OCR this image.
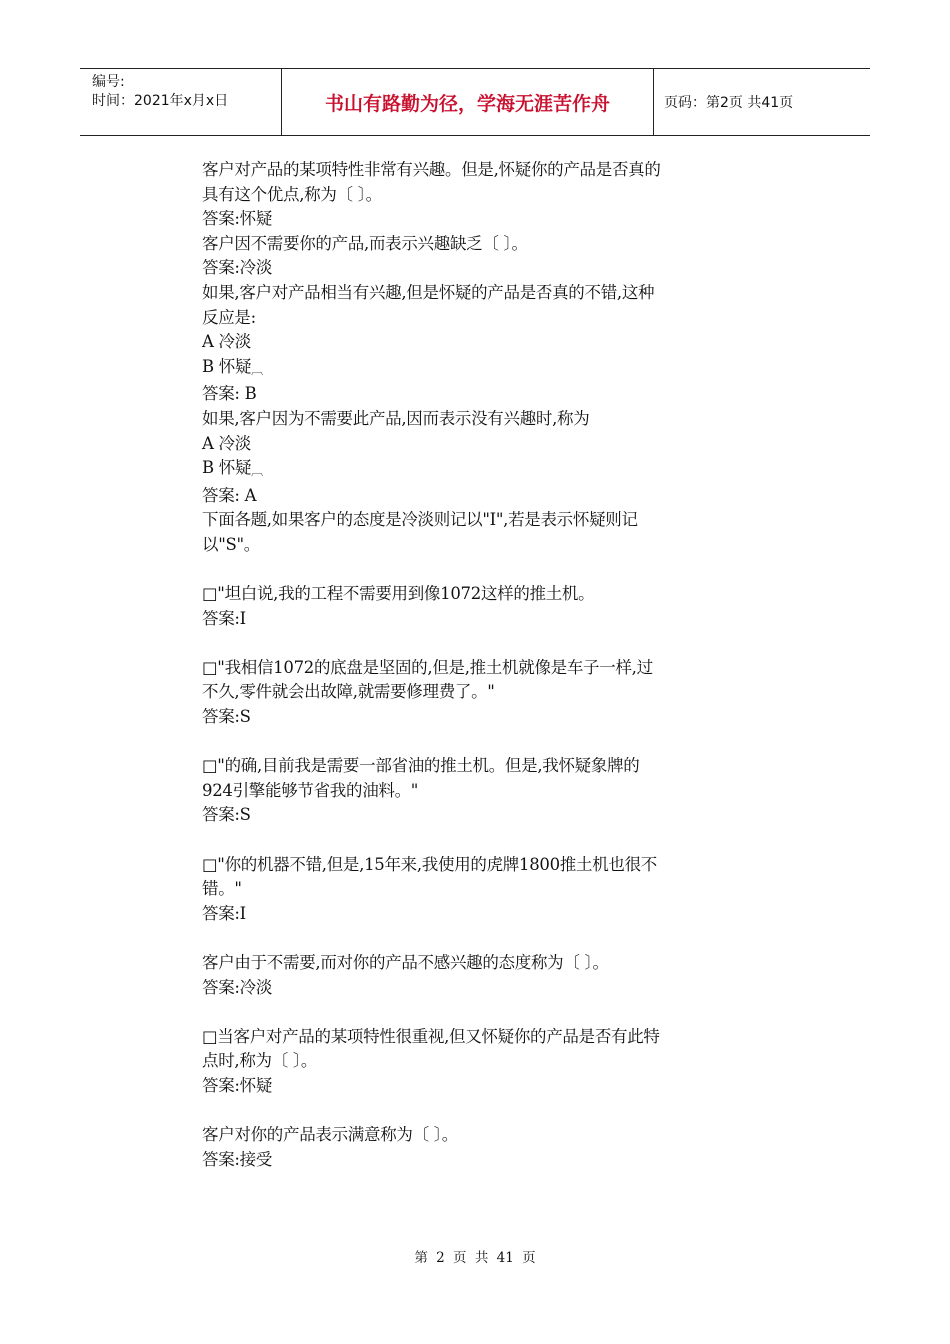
编号:
时间：2021年x月x日	书山有路勤为径，学海无涯苦作舟	页码：第2页 共41页

客户对产品的某项特性非常有兴趣。但是,怀疑你的产品是否真的

具有这个优点,称为〔 〕。

答案:怀疑

客户因不需要你的产品,而表示兴趣缺乏〔 〕。

答案:冷淡

如果,客户对产品相当有兴趣,但是怀疑的产品是否真的不错,这种

反应是:

A 冷淡

B 怀疑︹

答案: B

如果,客户因为不需要此产品,因而表示没有兴趣时,称为

A 冷淡

B 怀疑︹

答案: A

下面各题,如果客户的态度是冷淡则记以"I",若是表示怀疑则记

以"S"。

□"坦白说,我的工程不需要用到像1072这样的推土机。

答案:I

□"我相信1072的底盘是坚固的,但是,推土机就像是车子一样,过

不久,零件就会出故障,就需要修理费了。"

答案:S

□"的确,目前我是需要一部省油的推土机。但是,我怀疑象牌的

924引擎能够节省我的油料。"

答案:S

□"你的机器不错,但是,15年来,我使用的虎牌1800推土机也很不

错。"

答案:I

客户由于不需要,而对你的产品不感兴趣的态度称为〔 〕。

答案:冷淡

□当客户对产品的某项特性很重视,但又怀疑你的产品是否有此特

点时,称为〔 〕。

答案:怀疑

客户对你的产品表示满意称为〔 〕。

答案:接受

第 2 页 共 41 页
